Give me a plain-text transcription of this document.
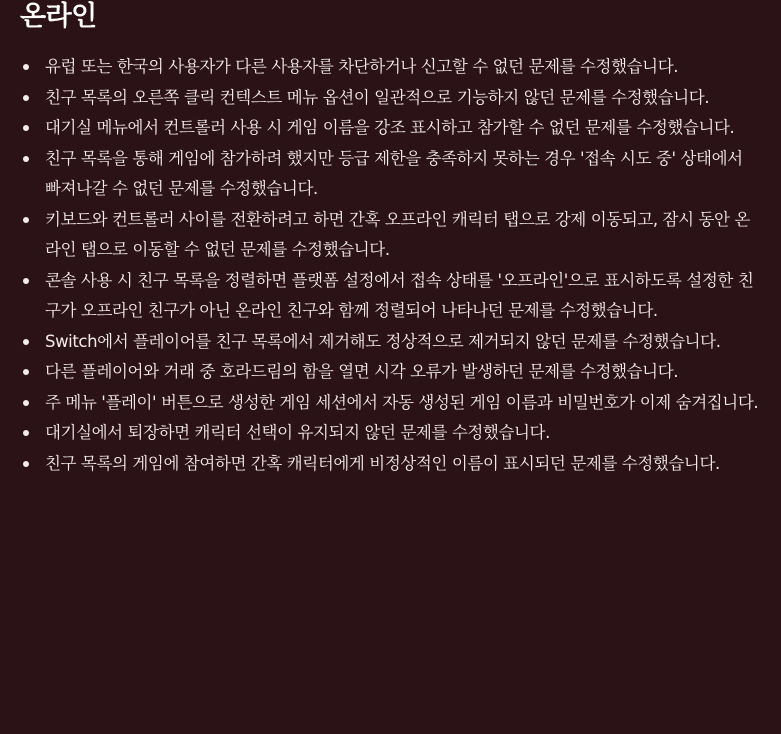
온라인
유럽 또는 한국의 사용자가 다른 사용자를 차단하거나 신고할 수 없던 문제를 수정했습니다.
친구 목록의 오른쪽 클릭 컨텍스트 메뉴 옵션이 일관적으로 기능하지 않던 문제를 수정했습니다.
대기실 메뉴에서 컨트롤러 사용 시 게임 이름을 강조 표시하고 참가할 수 없던 문제를 수정했습니다.
친구 목록을 통해 게임에 참가하려 했지만 등급 제한을 충족하지 못하는 경우 '접속 시도 중' 상태에서 빠져나갈 수 없던 문제를 수정했습니다.
키보드와 컨트롤러 사이를 전환하려고 하면 간혹 오프라인 캐릭터 탭으로 강제 이동되고, 잠시 동안 온라인 탭으로 이동할 수 없던 문제를 수정했습니다.
콘솔 사용 시 친구 목록을 정렬하면 플랫폼 설정에서 접속 상태를 '오프라인'으로 표시하도록 설정한 친구가 오프라인 친구가 아닌 온라인 친구와 함께 정렬되어 나타나던 문제를 수정했습니다.
Switch에서 플레이어를 친구 목록에서 제거해도 정상적으로 제거되지 않던 문제를 수정했습니다.
다른 플레이어와 거래 중 호라드림의 함을 열면 시각 오류가 발생하던 문제를 수정했습니다.
주 메뉴 '플레이' 버튼으로 생성한 게임 세션에서 자동 생성된 게임 이름과 비밀번호가 이제 숨겨집니다.
대기실에서 퇴장하면 캐릭터 선택이 유지되지 않던 문제를 수정했습니다.
친구 목록의 게임에 참여하면 간혹 캐릭터에게 비정상적인 이름이 표시되던 문제를 수정했습니다.
